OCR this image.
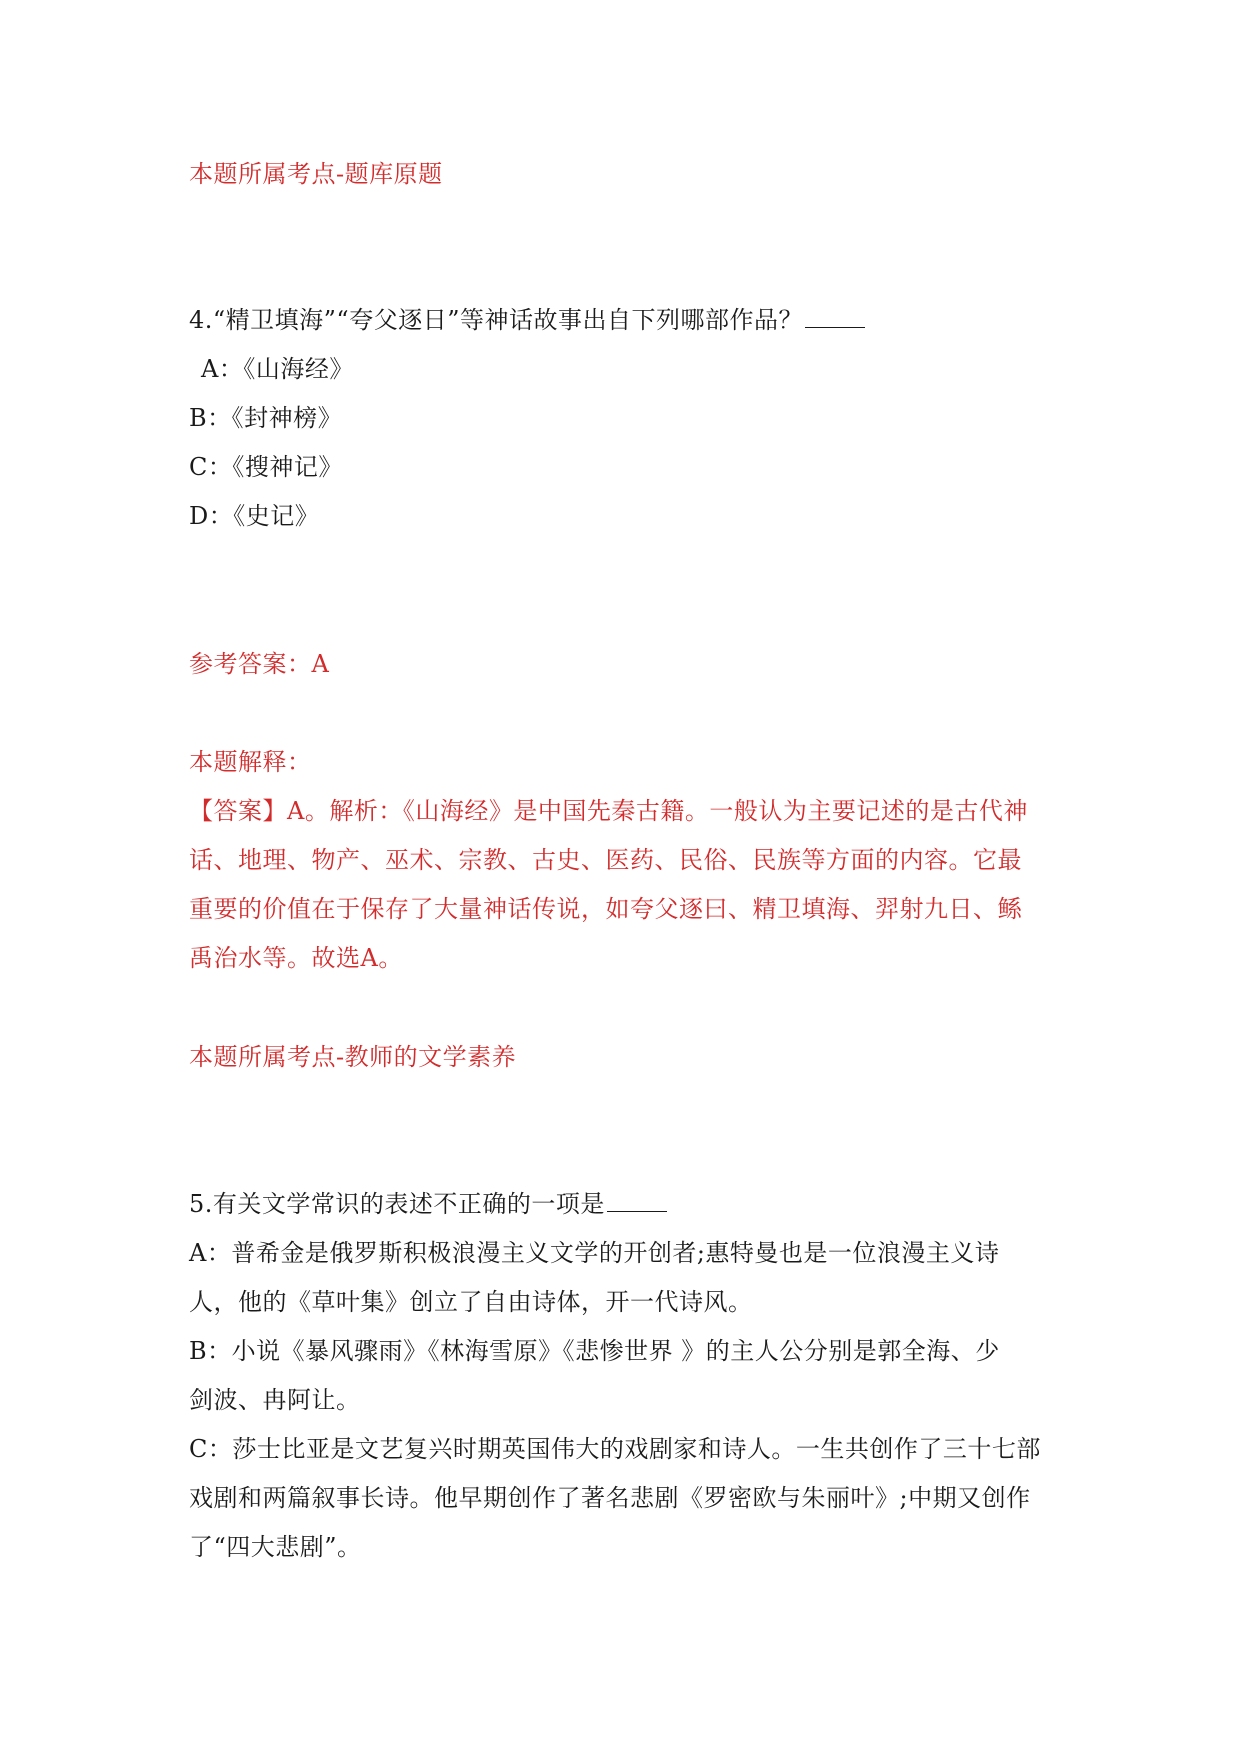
本题所属考点-题库原题
4.“精卫填海”“夸父逐日”等神话故事出自下列哪部作品？
A：《山海经》
B：《封神榜》
C：《搜神记》
D：《史记》
参考答案：A
本题解释：
【答案】A。解析：《山海经》是中国先秦古籍。一般认为主要记述的是古代神
话、地理、物产、巫术、宗教、古史、医药、民俗、民族等方面的内容。它最
重要的价值在于保存了大量神话传说，如夸父逐曰、精卫填海、羿射九日、鲧
禹治水等。故选A。
本题所属考点-教师的文学素养
5.有关文学常识的表述不正确的一项是
A：普希金是俄罗斯积极浪漫主义文学的开创者;惠特曼也是一位浪漫主义诗
人，他的《草叶集》创立了自由诗体，开一代诗风。
B：小说《暴风骤雨》《林海雪原》《悲惨世界 》的主人公分别是郭全海、少
剑波、冉阿让。
C：莎士比亚是文艺复兴时期英国伟大的戏剧家和诗人。一生共创作了三十七部
戏剧和两篇叙事长诗。他早期创作了著名悲剧《罗密欧与朱丽叶》;中期又创作
了“四大悲剧”。
